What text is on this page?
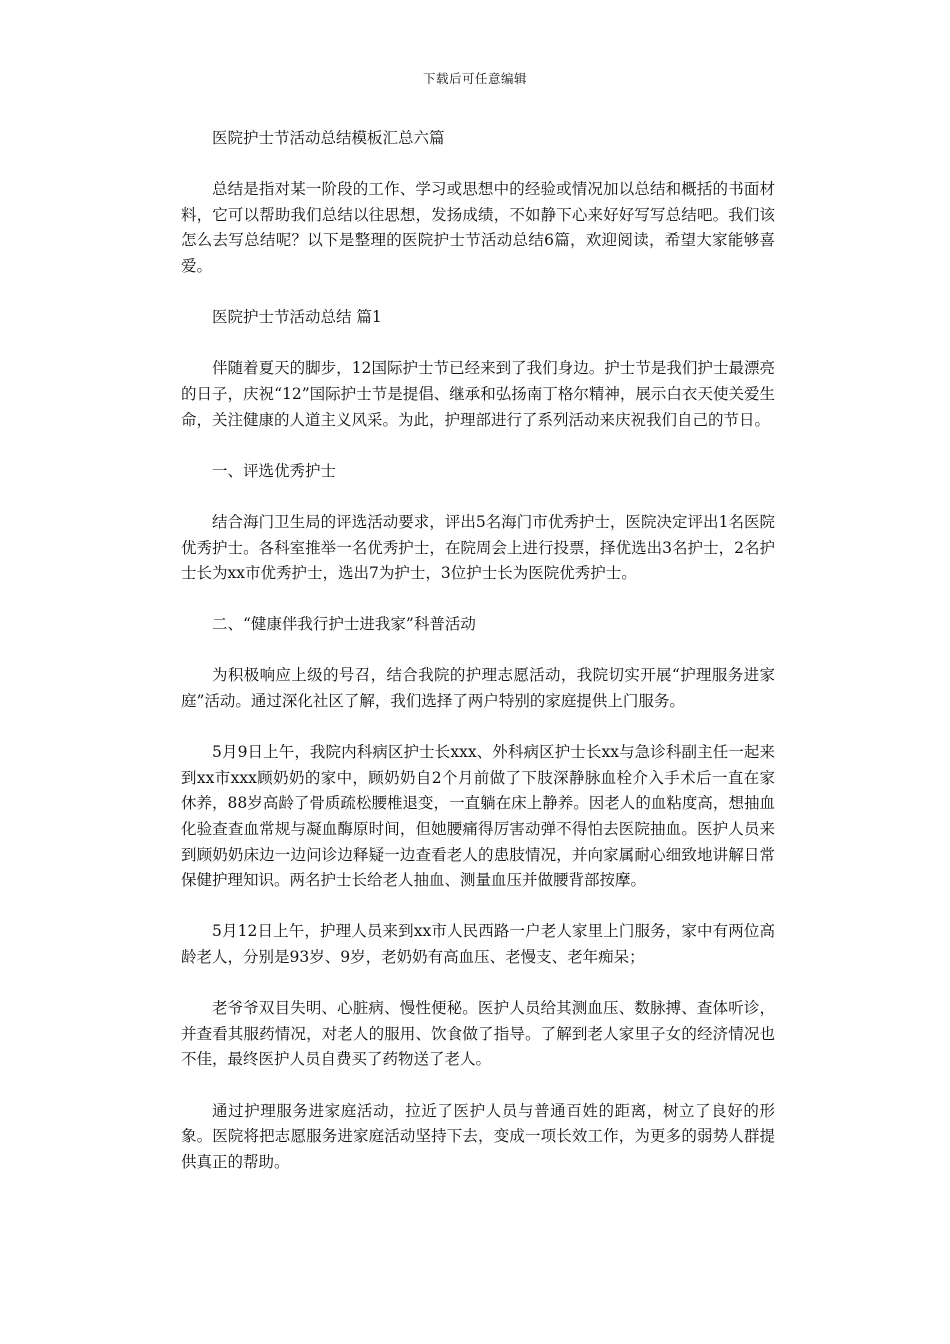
下载后可任意编辑

医院护士节活动总结模板汇总六篇

总结是指对某一阶段的工作、学习或思想中的经验或情况加以总结和概括的书面材料，它可以帮助我们总结以往思想，发扬成绩，不如静下心来好好写写总结吧。我们该怎么去写总结呢？以下是整理的医院护士节活动总结6篇，欢迎阅读，希望大家能够喜爱。

医院护士节活动总结 篇1

伴随着夏天的脚步，12国际护士节已经来到了我们身边。护士节是我们护士最漂亮的日子，庆祝“12”国际护士节是提倡、继承和弘扬南丁格尔精神，展示白衣天使关爱生命，关注健康的人道主义风采。为此，护理部进行了系列活动来庆祝我们自己的节日。

一、评选优秀护士

结合海门卫生局的评选活动要求，评出5名海门市优秀护士，医院决定评出1名医院优秀护士。各科室推举一名优秀护士，在院周会上进行投票，择优选出3名护士，2名护士长为xx市优秀护士，选出7为护士，3位护士长为医院优秀护士。

二、“健康伴我行护士进我家”科普活动

为积极响应上级的号召，结合我院的护理志愿活动，我院切实开展“护理服务进家庭”活动。通过深化社区了解，我们选择了两户特别的家庭提供上门服务。

5月9日上午，我院内科病区护士长xxx、外科病区护士长xx与急诊科副主任一起来到xx市xxx顾奶奶的家中，顾奶奶自2个月前做了下肢深静脉血栓介入手术后一直在家休养，88岁高龄了骨质疏松腰椎退变，一直躺在床上静养。因老人的血粘度高，想抽血化验查查血常规与凝血酶原时间，但她腰痛得厉害动弹不得怕去医院抽血。医护人员来到顾奶奶床边一边问诊边释疑一边查看老人的患肢情况，并向家属耐心细致地讲解日常保健护理知识。两名护士长给老人抽血、测量血压并做腰背部按摩。

5月12日上午，护理人员来到xx市人民西路一户老人家里上门服务，家中有两位高龄老人，分别是93岁、9岁，老奶奶有高血压、老慢支、老年痴呆；

老爷爷双目失明、心脏病、慢性便秘。医护人员给其测血压、数脉搏、查体听诊，并查看其服药情况，对老人的服用、饮食做了指导。了解到老人家里子女的经济情况也不佳，最终医护人员自费买了药物送了老人。

通过护理服务进家庭活动，拉近了医护人员与普通百姓的距离，树立了良好的形象。医院将把志愿服务进家庭活动坚持下去，变成一项长效工作，为更多的弱势人群提供真正的帮助。
